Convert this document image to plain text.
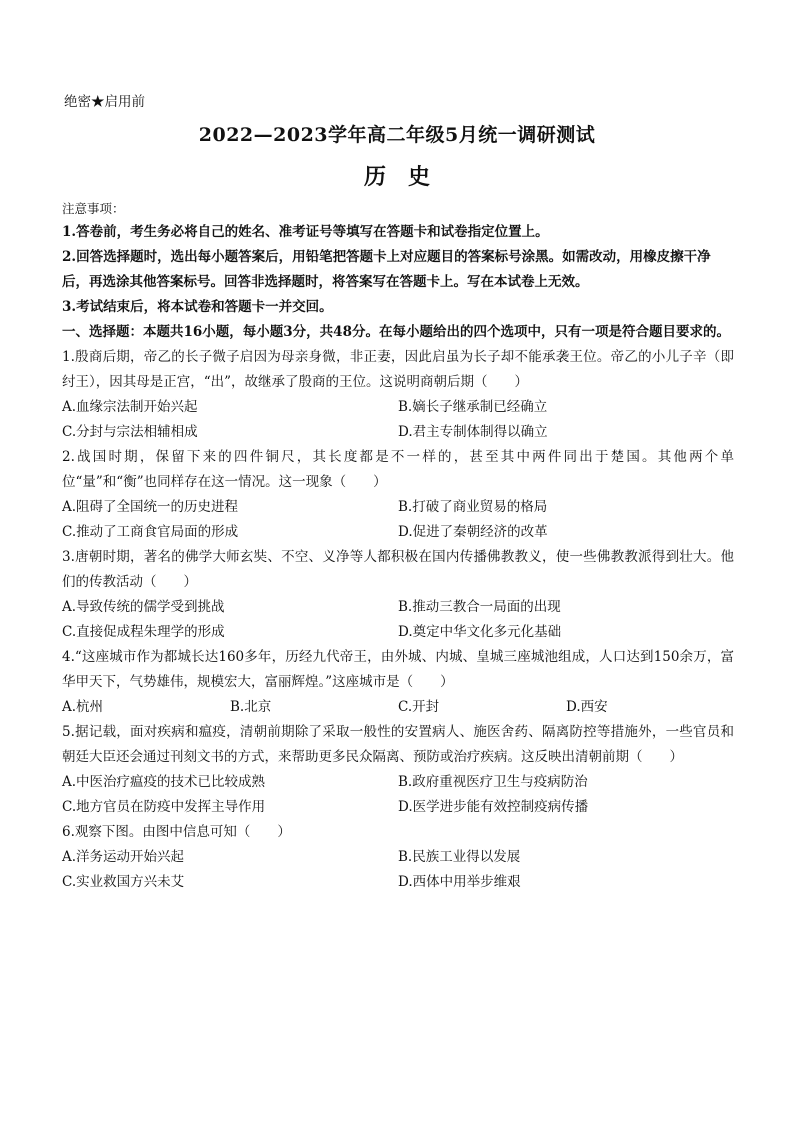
绝密★启用前
2022—2023学年高二年级5月统一调研测试
历史

注意事项：

1.答卷前，考生务必将自己的姓名、准考证号等填写在答题卡和试卷指定位置上。

2.回答选择题时，选出每小题答案后，用铅笔把答题卡上对应题目的答案标号涂黑。如需改动，用橡皮擦干净后，再选涂其他答案标号。回答非选择题时，将答案写在答题卡上。写在本试卷上无效。

3.考试结束后，将本试卷和答题卡一并交回。

一、选择题：本题共16小题，每小题3分，共48分。在每小题给出的四个选项中，只有一项是符合题目要求的。

1.殷商后期，帝乙的长子微子启因为母亲身微，非正妻，因此启虽为长子却不能承袭王位。帝乙的小儿子辛（即纣王），因其母是正宫，“出”，故继承了殷商的王位。这说明商朝后期（　　）

A.血缘宗法制开始兴起	B.嫡长子继承制已经确立
C.分封与宗法相辅相成	D.君主专制体制得以确立

2.战国时期，保留下来的四件铜尺，其长度都是不一样的，甚至其中两件同出于楚国。其他两个单位“量”和“衡”也同样存在这一情况。这一现象（　　）

A.阻碍了全国统一的历史进程	B.打破了商业贸易的格局
C.推动了工商食官局面的形成	D.促进了秦朝经济的改革

3.唐朝时期，著名的佛学大师玄奘、不空、义净等人都积极在国内传播佛教教义，使一些佛教教派得到壮大。他们的传教活动（　　）

A.导致传统的儒学受到挑战	B.推动三教合一局面的出现
C.直接促成程朱理学的形成	D.奠定中华文化多元化基础

4.“这座城市作为都城长达160多年，历经九代帝王，由外城、内城、皇城三座城池组成，人口达到150余万，富华甲天下，气势雄伟，规模宏大，富丽辉煌。”这座城市是（　　）

A.杭州	B.北京	C.开封	D.西安

5.据记载，面对疾病和瘟疫，清朝前期除了采取一般性的安置病人、施医舍药、隔离防控等措施外，一些官员和朝廷大臣还会通过刊刻文书的方式，来帮助更多民众隔离、预防或治疗疾病。这反映出清朝前期（　　）

A.中医治疗瘟疫的技术已比较成熟	B.政府重视医疗卫生与疫病防治
C.地方官员在防疫中发挥主导作用	D.医学进步能有效控制疫病传播

6.观察下图。由图中信息可知（　　）

A.洋务运动开始兴起	B.民族工业得以发展
C.实业救国方兴未艾	D.西体中用举步维艰
